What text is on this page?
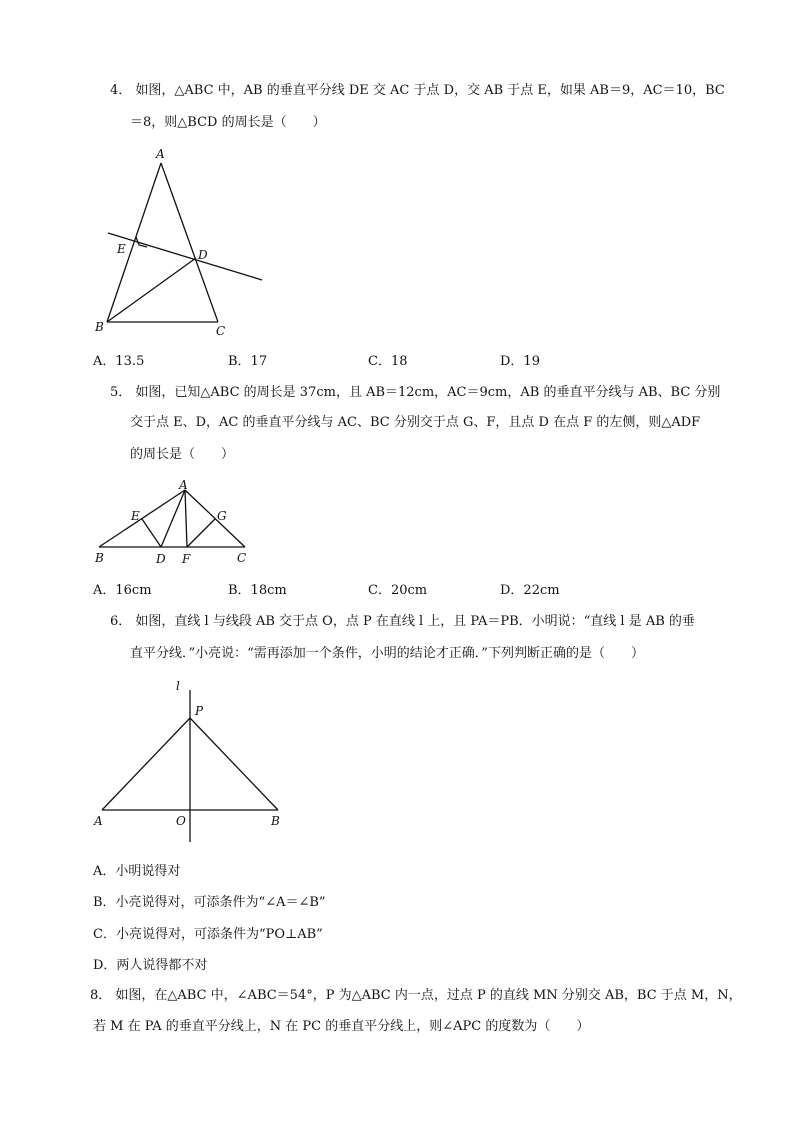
4． 如图，△ABC 中，AB 的垂直平分线 DE 交 AC 于点 D，交 AB 于点 E，如果 AB＝9，AC＝10，BC
＝8，则△BCD 的周长是（　　）
A
E	D
B	C
A．13.5	B．17	C．18	D．19
5． 如图，已知△ABC 的周长是 37cm，且 AB＝12cm，AC＝9cm，AB 的垂直平分线与 AB、BC 分别
交于点 E、D，AC 的垂直平分线与 AC、BC 分别交于点 G、F，且点 D 在点 F 的左侧，则△ADF
的周长是（　　）
A
E	G
B	D F	C
A．16cm	B．18cm	C．20cm	D．22cm
6． 如图，直线 l 与线段 AB 交于点 O，点 P 在直线 l 上，且 PA＝PB．小明说：“直线 l 是 AB 的垂
直平分线．”小亮说：“需再添加一个条件，小明的结论才正确．”下列判断正确的是（　　）
l
P
A	O	B
A．小明说得对
B．小亮说得对，可添条件为“∠A＝∠B”
C．小亮说得对，可添条件为“PO⊥AB”
D．两人说得都不对
8． 如图，在△ABC 中，∠ABC＝54°，P 为△ABC 内一点，过点 P 的直线 MN 分别交 AB，BC 于点 M，N，
若 M 在 PA 的垂直平分线上，N 在 PC 的垂直平分线上，则∠APC 的度数为（　　）
